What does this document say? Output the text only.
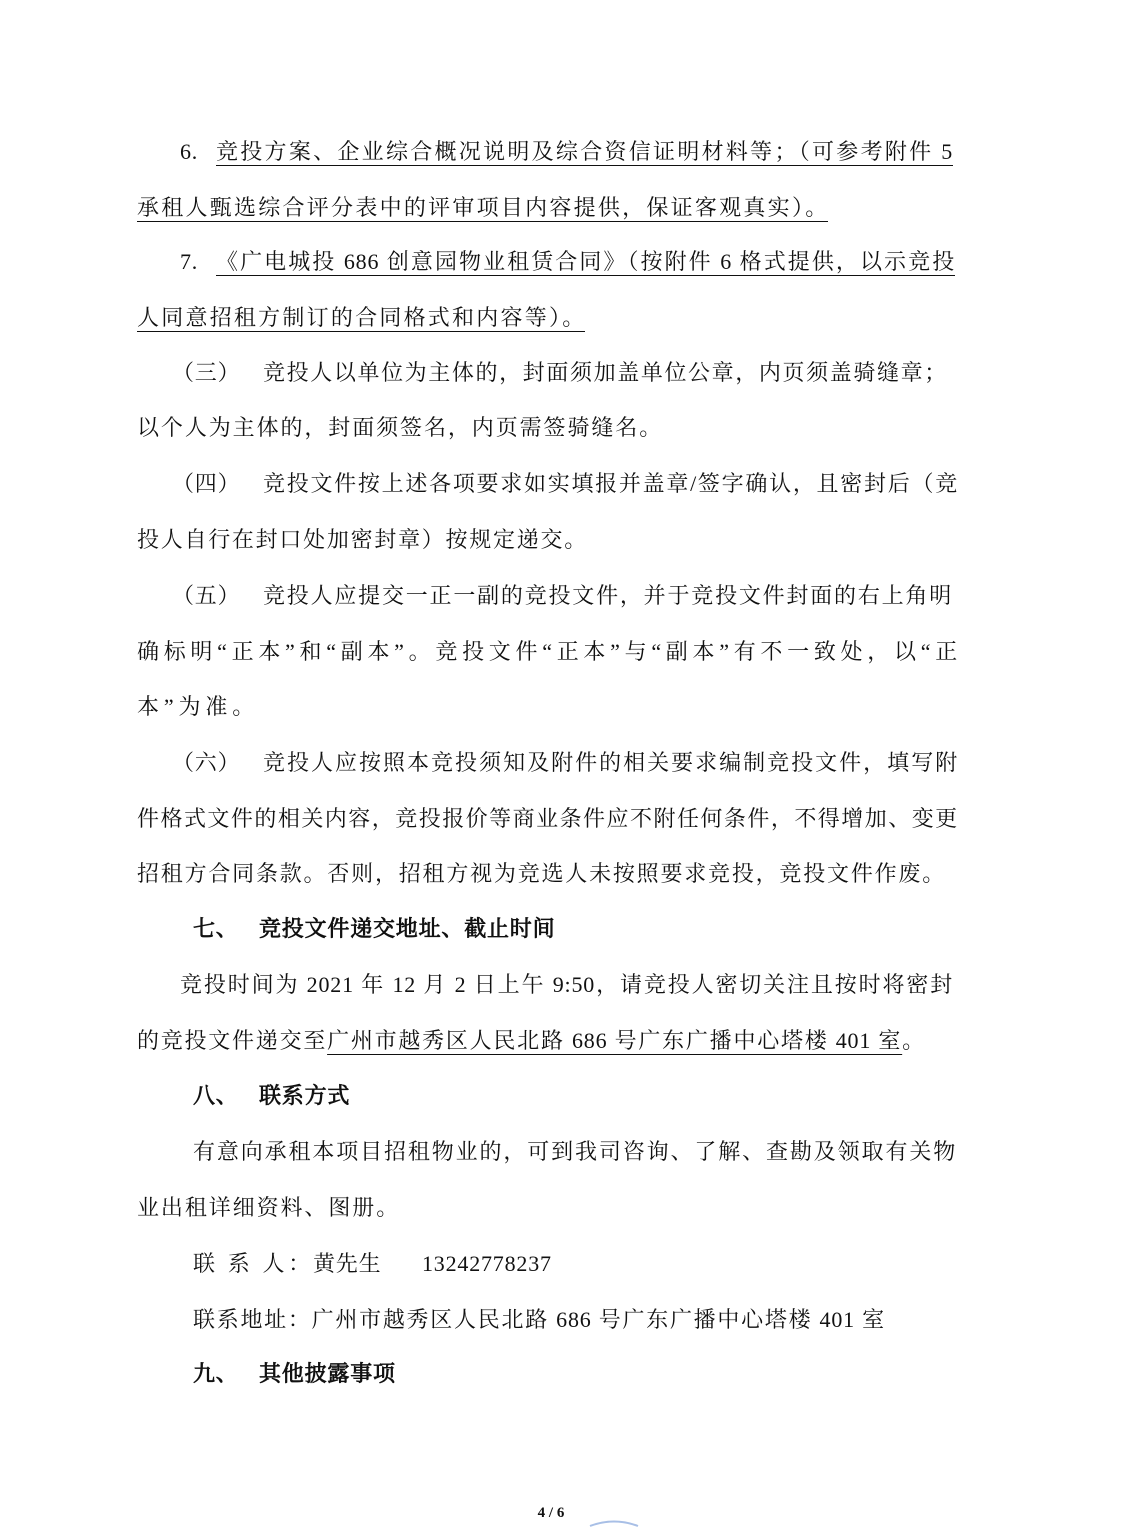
6. 竞投方案、企业综合概况说明及综合资信证明材料等；（可参考附件 5
承租人甄选综合评分表中的评审项目内容提供，保证客观真实）。
7. 《广电城投 686 创意园物业租赁合同》（按附件 6 格式提供，以示竞投
人同意招租方制订的合同格式和内容等）。
（三） 竞投人以单位为主体的，封面须加盖单位公章，内页须盖骑缝章；
以个人为主体的，封面须签名，内页需签骑缝名。
（四） 竞投文件按上述各项要求如实填报并盖章/签字确认，且密封后（竞
投人自行在封口处加密封章）按规定递交。
（五） 竞投人应提交一正一副的竞投文件，并于竞投文件封面的右上角明
确标明“正本”和“副本”。竞投文件“正本”与“副本”有不一致处，以“正
本”为准。
（六） 竞投人应按照本竞投须知及附件的相关要求编制竞投文件，填写附
件格式文件的相关内容，竞投报价等商业条件应不附任何条件，不得增加、变更
招租方合同条款。否则，招租方视为竞选人未按照要求竞投，竞投文件作废。
七、 竞投文件递交地址、截止时间
竞投时间为 2021 年 12 月 2 日上午 9:50，请竞投人密切关注且按时将密封
的竞投文件递交至广州市越秀区人民北路 686 号广东广播中心塔楼 401 室。
八、 联系方式
有意向承租本项目招租物业的，可到我司咨询、了解、查勘及领取有关物
业出租详细资料、图册。
联 系 人： 黄先生 13242778237
联系地址：广州市越秀区人民北路 686 号广东广播中心塔楼 401 室
九、 其他披露事项
4 / 6
